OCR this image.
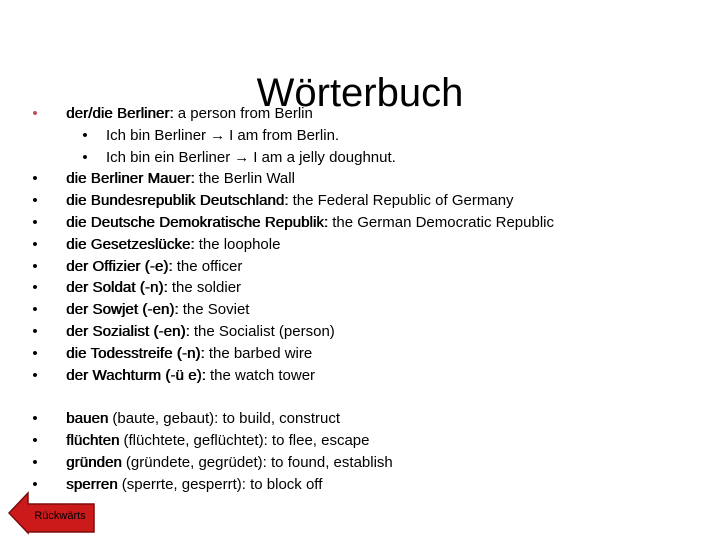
Wörterbuch
• der/die Berliner: a person from Berlin
• Ich bin Berliner → I am from Berlin.
• Ich bin ein Berliner → I am a jelly doughnut.
• die Berliner Mauer: the Berlin Wall
• die Bundesrepublik Deutschland: the Federal Republic of Germany
• die Deutsche Demokratische Republik: the German Democratic Republic
• die Gesetzeslücke: the loophole
• der Offizier (-e): the officer
• der Soldat (-n): the soldier
• der Sowjet (-en): the Soviet
• der Sozialist (-en): the Socialist (person)
• die Todesstreife (-n): the barbed wire
• der Wachturm (-ü e): the watch tower
• bauen (baute, gebaut): to build, construct
• flüchten (flüchtete, geflüchtet): to flee, escape
• gründen (gründete, gegrüdet): to found, establish
• sperren (sperrte, gesperrt): to block off
Rückwärts
